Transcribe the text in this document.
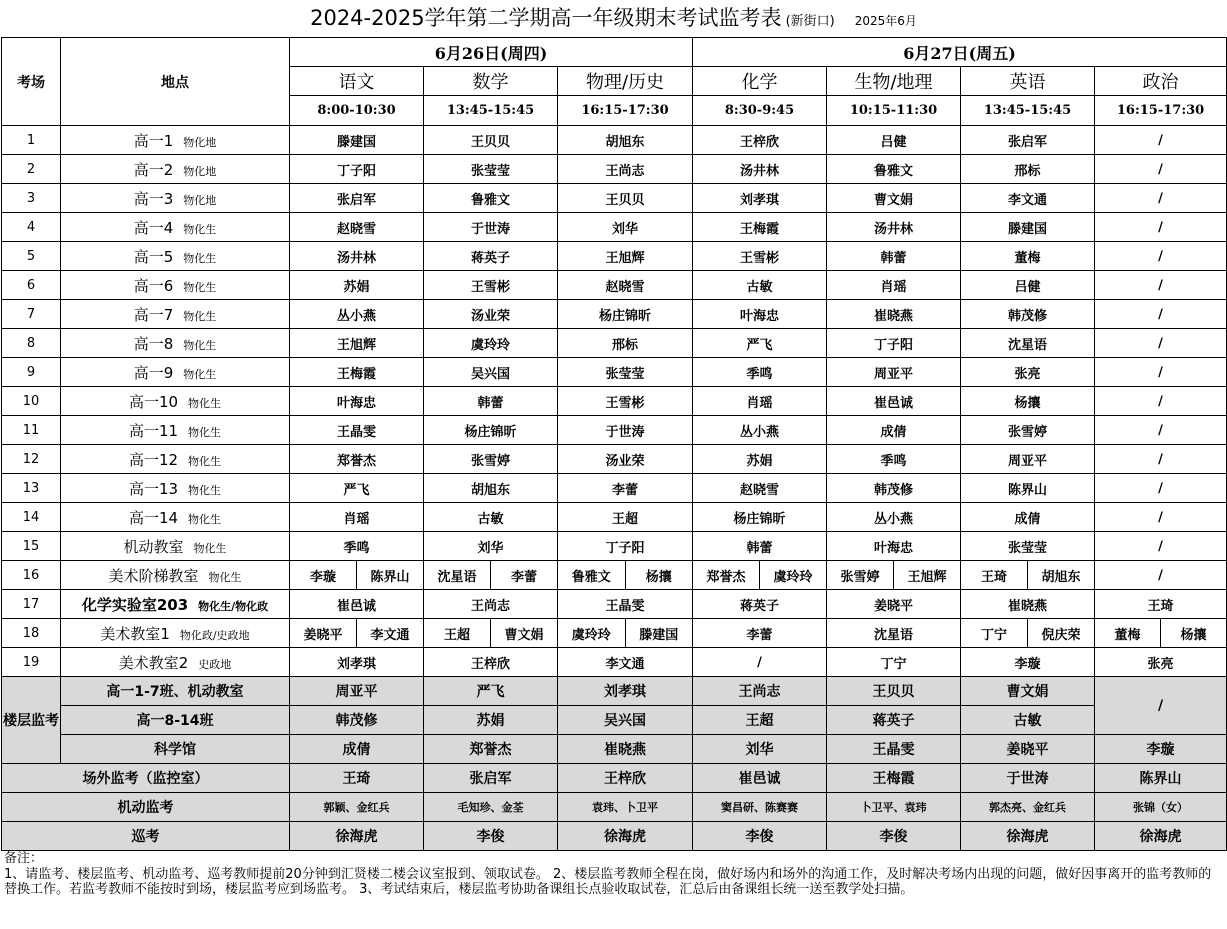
2024-2025学年第二学期高一年级期末考试监考表 (新街口) 2025年6月
考场	地点	6月26日(周四)			6月27日(周五)			
		语文	数学	物理/历史	化学	生物/地理	英语	政治
		8:00-10:30	13:45-15:45	16:15-17:30	8:30-9:45	10:15-11:30	13:45-15:45	16:15-17:30
1	高一1 物化地	滕建国	王贝贝	胡旭东	王梓欣	吕健	张启军	/
2	高一2 物化地	丁子阳	张莹莹	王尚志	汤井林	鲁雅文	邢标	/
3	高一3 物化地	张启军	鲁雅文	王贝贝	刘孝琪	曹文娟	李文通	/
4	高一4 物化生	赵晓雪	于世涛	刘华	王梅霞	汤井林	滕建国	/
5	高一5 物化生	汤井林	蒋英子	王旭辉	王雪彬	韩蕾	董梅	/
6	高一6 物化生	苏娟	王雪彬	赵晓雪	古敏	肖瑶	吕健	/
7	高一7 物化生	丛小燕	汤业荣	杨庄锦昕	叶海忠	崔晓燕	韩茂修	/
8	高一8 物化生	王旭辉	虞玲玲	邢标	严飞	丁子阳	沈星语	/
9	高一9 物化生	王梅霞	吴兴国	张莹莹	季鸣	周亚平	张亮	/
10	高一10 物化生	叶海忠	韩蕾	王雪彬	肖瑶	崔邑诚	杨攘	/
11	高一11 物化生	王晶雯	杨庄锦昕	于世涛	丛小燕	成倩	张雪婷	/
12	高一12 物化生	郑誉杰	张雪婷	汤业荣	苏娟	季鸣	周亚平	/
13	高一13 物化生	严飞	胡旭东	李蕾	赵晓雪	韩茂修	陈界山	/
14	高一14 物化生	肖瑶	古敏	王超	杨庄锦昕	丛小燕	成倩	/
15	机动教室 物化生	季鸣	刘华	丁子阳	韩蕾	叶海忠	张莹莹	/
16	美术阶梯教室 物化生	李璇 陈界山	沈星语 李蕾	鲁雅文 杨攘	郑誉杰 虞玲玲	张雪婷 王旭辉	王琦 胡旭东	/
17	化学实验室203 物化生/物化政	崔邑诚	王尚志	王晶雯	蒋英子	姜晓平	崔晓燕	王琦
18	美术教室1 物化政/史政地	姜晓平 李文通	王超 曹文娟	虞玲玲 滕建国	李蕾	沈星语	丁宁 倪庆荣	董梅 杨攘

19	美术教室2 史政地	刘孝琪	王梓欣	李文通	/	丁宁	李璇	张亮
楼层监考	高一1-7班、机动教室	周亚平	严飞	刘孝琪	王尚志	王贝贝	曹文娟	/
	高一8-14班	韩茂修	苏娟	吴兴国	王超	蒋英子	古敏	
	科学馆	成倩	郑誉杰	崔晓燕	刘华	王晶雯	姜晓平	李璇
场外监考（监控室）		王琦	张启军	王梓欣	崔邑诚	王梅霞	于世涛	陈界山
机动监考		郭颖、金红兵	毛知珍、金荃	袁玮、卜卫平	窦昌研、陈赛赛	卜卫平、袁玮	郭杰亮、金红兵	张锦（女）
巡考		徐海虎	李俊	徐海虎	李俊	李俊	徐海虎	徐海虎
备注：
1、请监考、楼层监考、机动监考、巡考教师提前20分钟到汇贤楼二楼会议室报到、领取试卷。 2、楼层监考教师全程在岗，做好场内和场外的沟通工作，及时解决考场内出现的问题，做好因事离开的监考教师的替换工作。若监考教师不能按时到场，楼层监考应到场监考。 3、考试结束后，楼层监考协助备课组长点验收取试卷，汇总后由备课组长统一送至教学处扫描。
